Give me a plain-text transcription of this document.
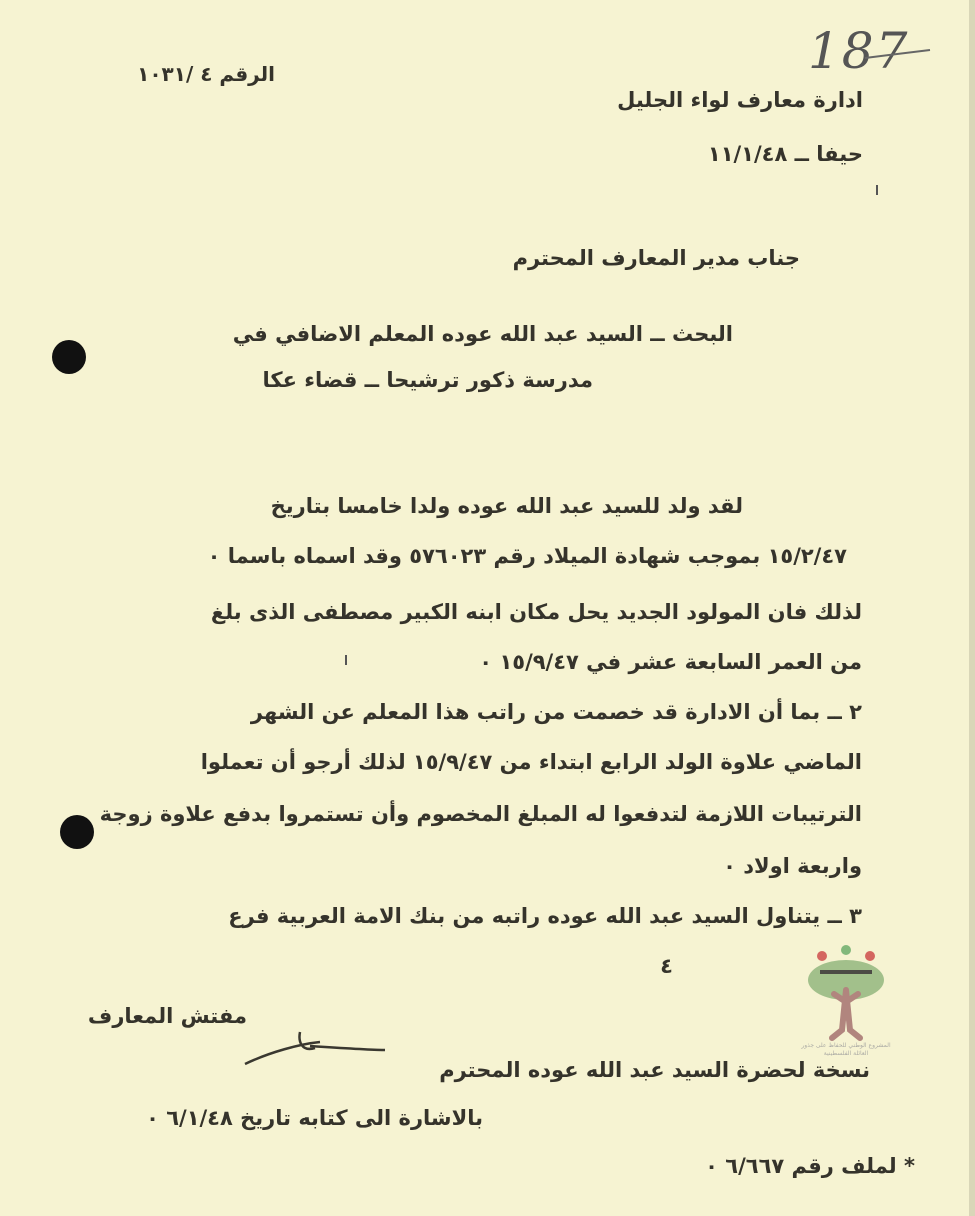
187
الرقم ٤ /١٠٣١
ادارة معارف لواء الجليل
حيفا ــ ١١/١/٤٨
جناب مدير المعارف المحترم
البحث ــ السيد عبد الله عوده المعلم الاضافي في
مدرسة ذكور ترشيحا ــ قضاء عكا
لقد ولد للسيد عبد الله عوده ولدا خامسا بتاريخ
١٥/٢/٤٧ بموجب شهادة الميلاد رقم ٥٧٦٠٢٣ وقد اسماه باسما ٠
لذلك فان المولود الجديد يحل مكان ابنه الكبير مصطفى الذى بلغ
من العمر السابعة عشر في ١٥/٩/٤٧ ٠
٢ ــ بما أن الادارة قد خصمت من راتب هذا المعلم عن الشهر
الماضي علاوة الولد الرابع ابتداء من ١٥/٩/٤٧ لذلك أرجو أن تعملوا
الترتيبات اللازمة لتدفعوا له المبلغ المخصوم وأن تستمروا بدفع علاوة زوجة
واربعة اولاد ٠
٣ ــ يتناول السيد عبد الله عوده راتبه من بنك الامة العربية فرع
٤
مفتش المعارف
نسخة لحضرة السيد عبد الله عوده المحترم
بالاشارة الى كتابه تاريخ ٦/١/٤٨ ٠
* لملف رقم ٦/٦٦٧ ٠
المشروع الوطني للحفاظ على جذور العائلة الفلسطينية
